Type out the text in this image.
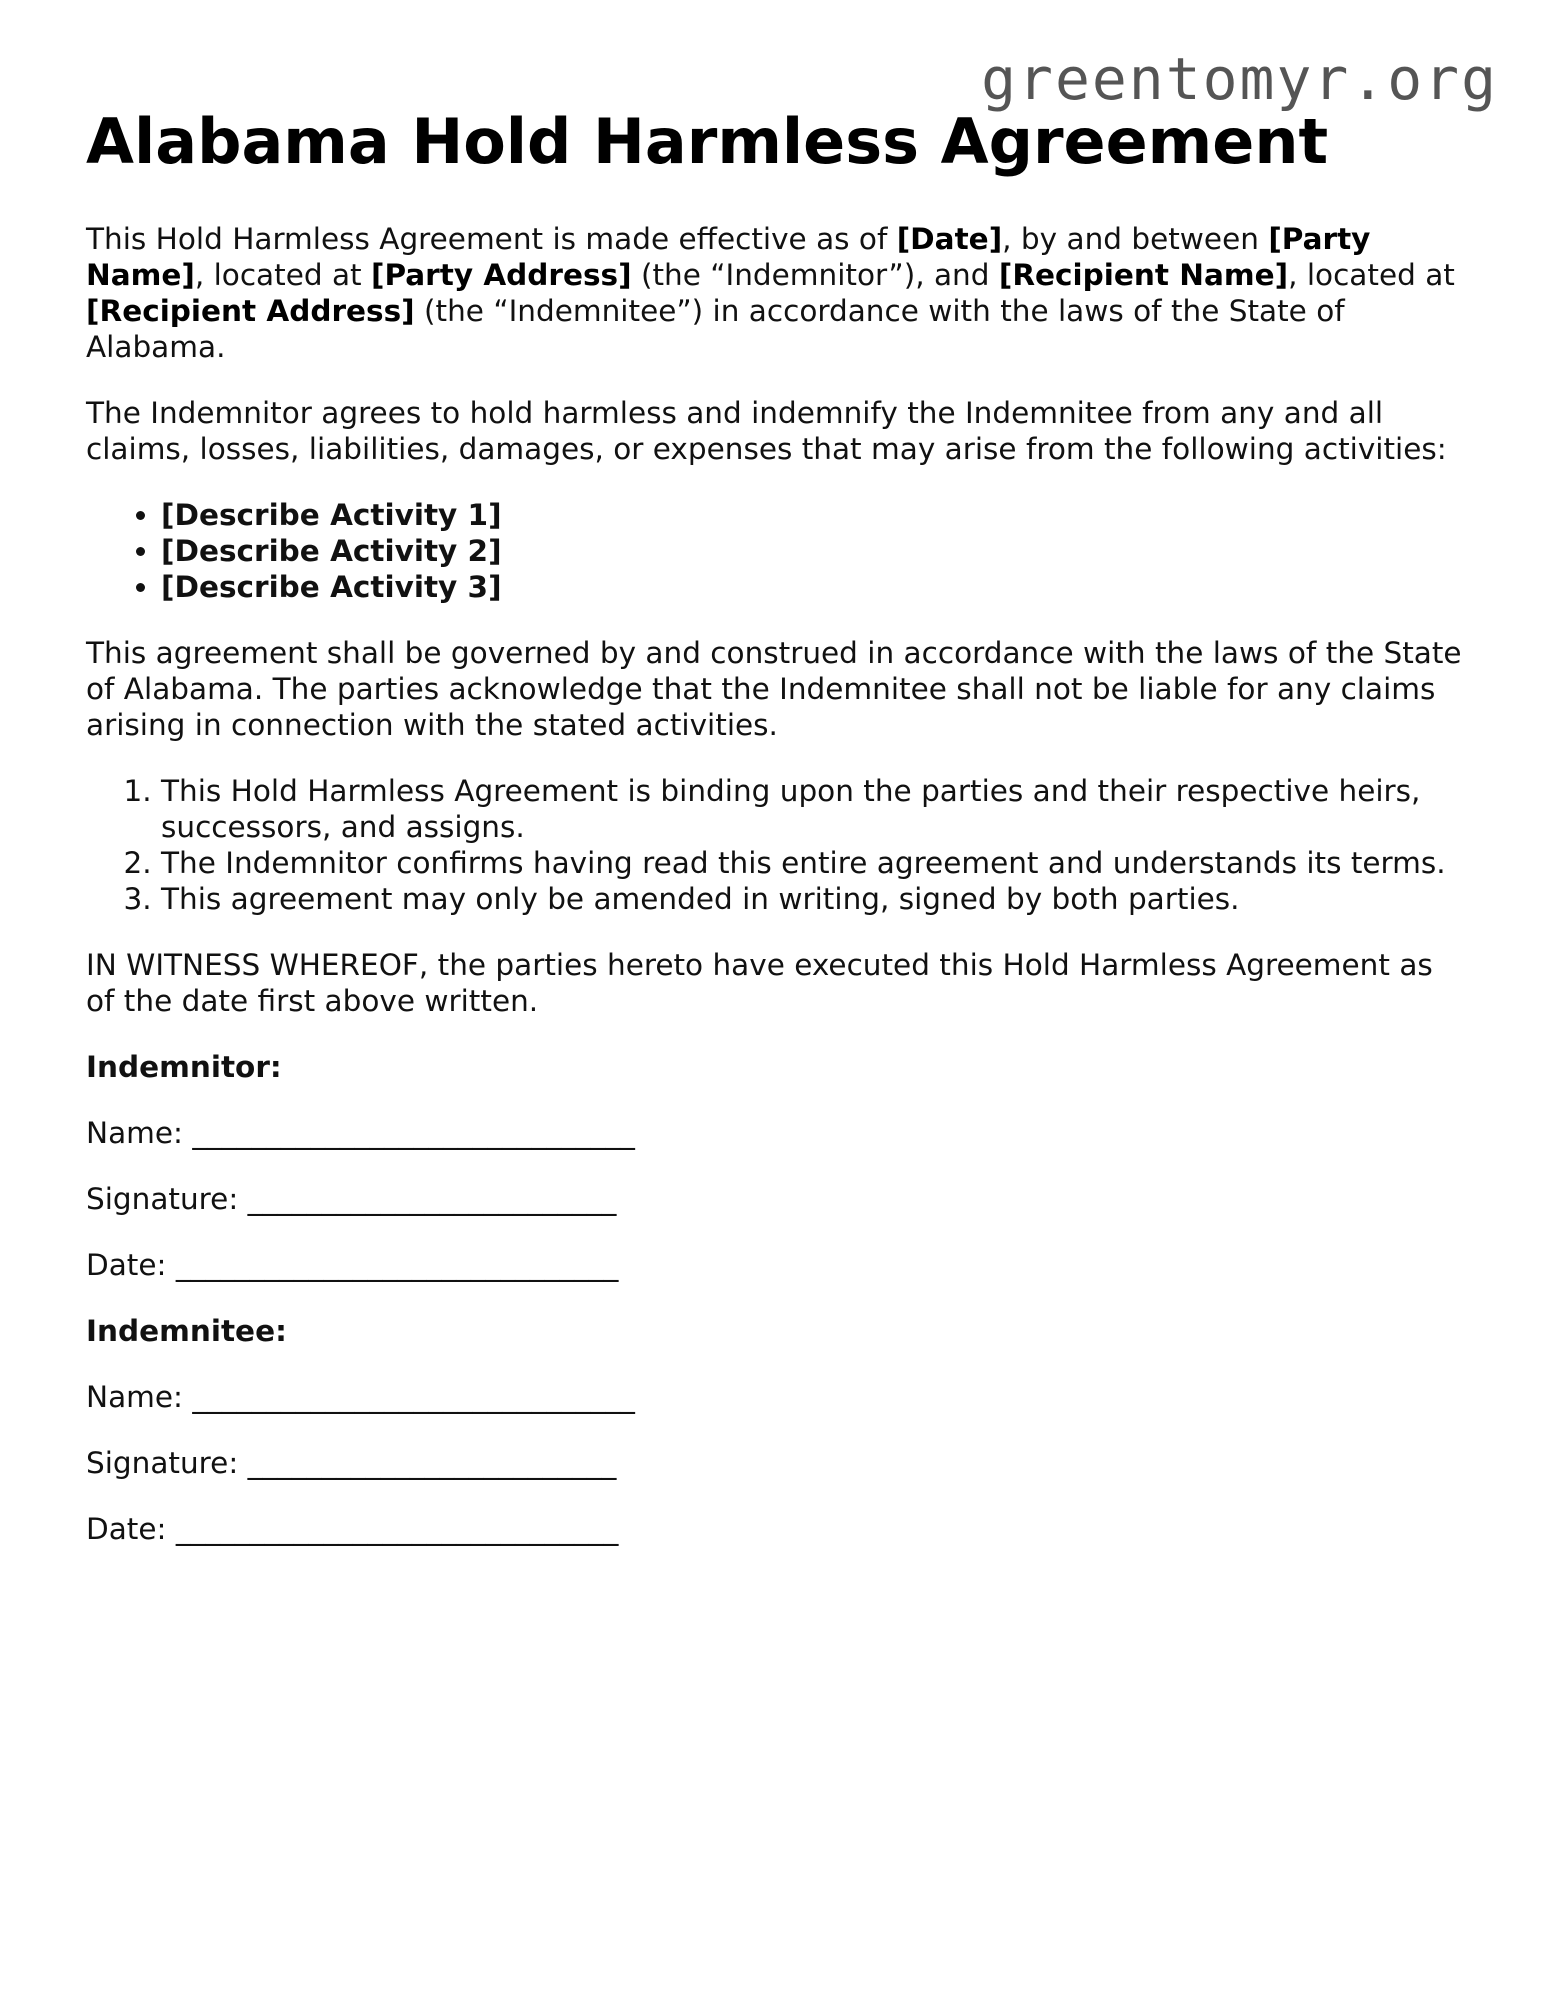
greentomyr.org
Alabama Hold Harmless Agreement

This Hold Harmless Agreement is made effective as of [Date], by and between [Party Name], located at [Party Address] (the “Indemnitor”), and [Recipient Name], located at [Recipient Address] (the “Indemnitee”) in accordance with the laws of the State of Alabama.

The Indemnitor agrees to hold harmless and indemnify the Indemnitee from any and all claims, losses, liabilities, damages, or expenses that may arise from the following activities:

• [Describe Activity 1]
• [Describe Activity 2]
• [Describe Activity 3]

This agreement shall be governed by and construed in accordance with the laws of the State of Alabama. The parties acknowledge that the Indemnitee shall not be liable for any claims arising in connection with the stated activities.

1. This Hold Harmless Agreement is binding upon the parties and their respective heirs, successors, and assigns.
2. The Indemnitor confirms having read this entire agreement and understands its terms.
3. This agreement may only be amended in writing, signed by both parties.

IN WITNESS WHEREOF, the parties hereto have executed this Hold Harmless Agreement as of the date first above written.

Indemnitor:
Name: ______________________________
Signature: _________________________
Date: ______________________________
Indemnitee:
Name: ______________________________
Signature: _________________________
Date: ______________________________
